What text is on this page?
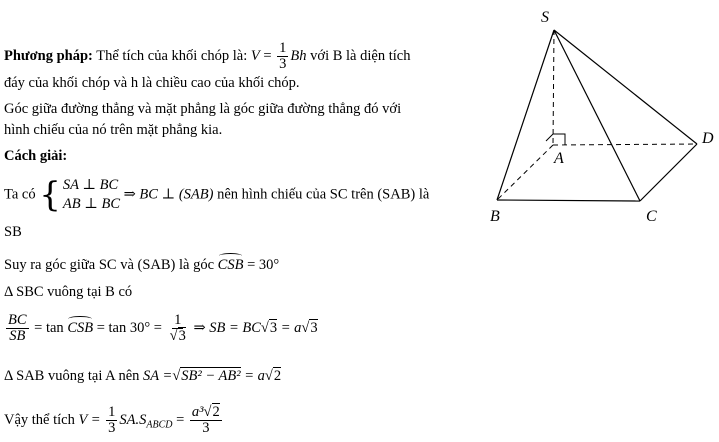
Phương pháp: Thể tích của khối chóp là: $V = \frac{1}{3}$ Bh với B là diện tích
đáy của khối chóp và h là chiều cao của khối chóp.
Góc giữa đường thẳng và mặt phẳng là góc giữa đường thẳng đó với
hình chiếu của nó trên mặt phẳng kia.
Cách giải:
Ta có { SA ⊥ BC
AB ⊥ BC
⇒ BC ⊥ (SAB) nên hình chiếu của SC trên (SAB) là
SB
Suy ra góc giữa SC và (SAB) là góc CSB = 30°
Δ SBC vuông tại B có
$\frac{BC}{SB} = \tan$ CSB = $\tan 30^\circ = \frac{1}{√3}$ ⇒ SB = BC√3 = a√3
Δ SAB vuông tại A nên SA =√SB² − AB² = a√2
Vậy thể tích $V = \frac{1}{3} SA.S_{ABCD} = \frac{\text{a³√2}}{3}$
S
A
B	C
D
